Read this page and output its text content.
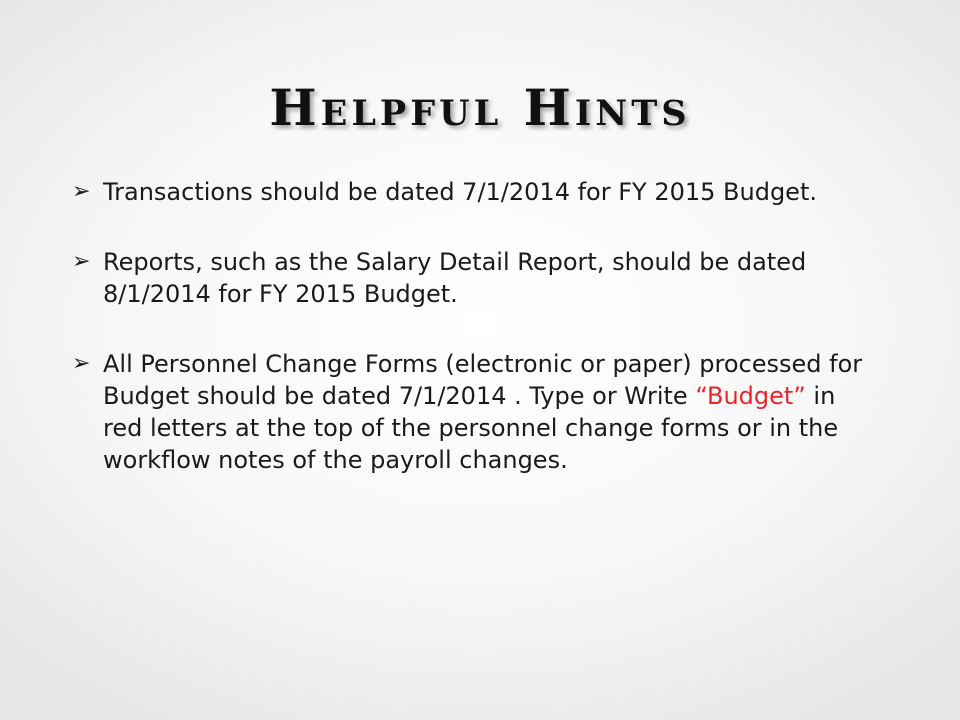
Helpful Hints
➢ Transactions should be dated 7/1/2014 for FY 2015 Budget.
➢ Reports, such as the Salary Detail Report, should be dated 8/1/2014 for FY 2015 Budget.
➢ All Personnel Change Forms (electronic or paper) processed for Budget should be dated 7/1/2014 . Type or Write “Budget” in red letters at the top of the personnel change forms or in the workflow notes of the payroll changes.
